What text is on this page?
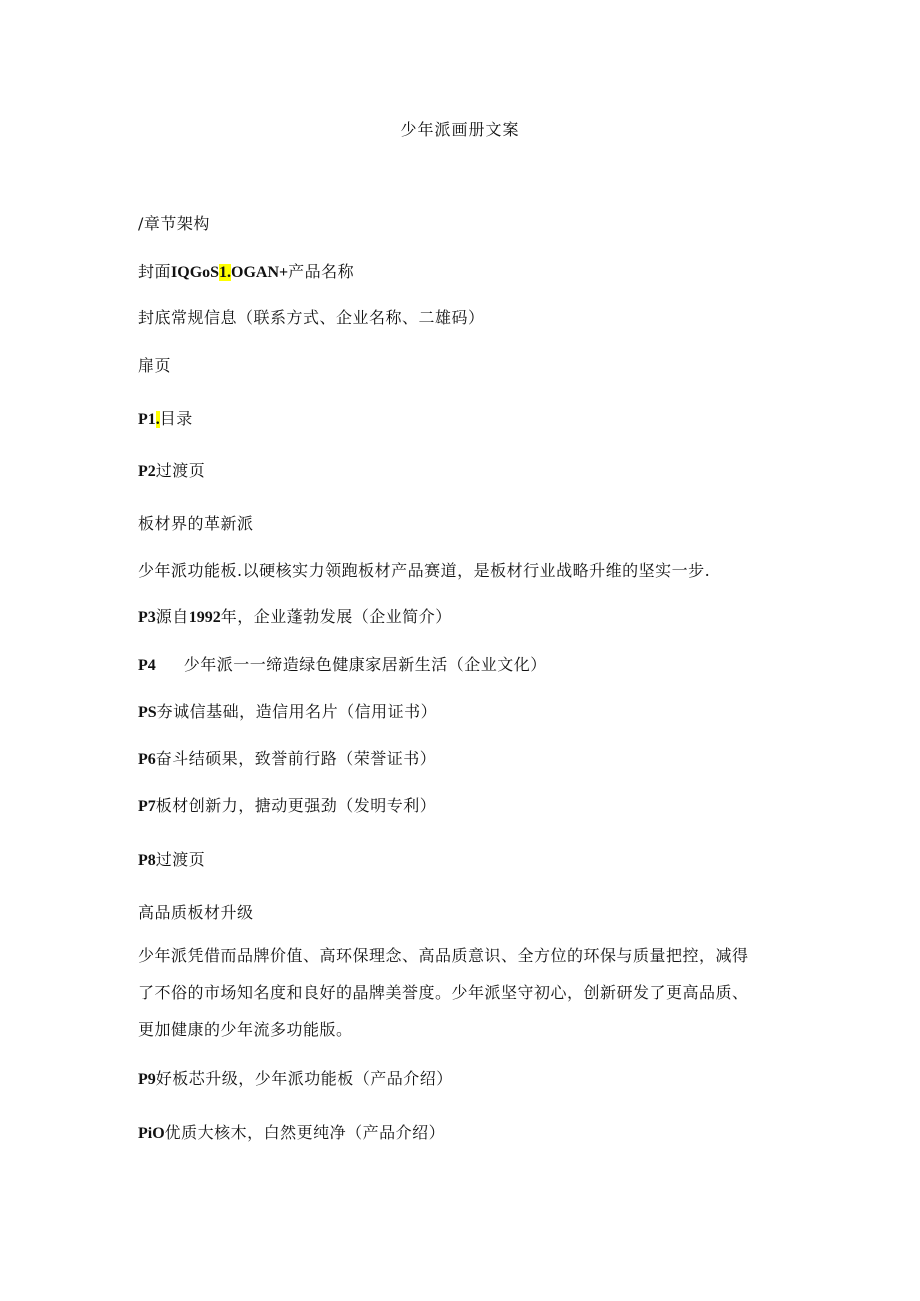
少年派画册文案
/章节架构
封面IQGoS1.OGAN+产品名称
封底常规信息（联系方式、企业名称、二雄码）
扉页
P1.目录
P2过渡页
板材界的革新派
少年派功能板.以硬核实力领跑板材产品赛道，是板材行业战略升维的坚实一步.
P3源自1992年，企业蓬勃发展（企业简介）
P4 少年派一一缔造绿色健康家居新生活（企业文化）
PS夯诚信基础，造信用名片（信用证书）
P6奋斗结硕果，致誉前行路（荣誉证书）
P7板材创新力，搪动更强劲（发明专利）
P8过渡页
高品质板材升级
少年派凭借而品牌价值、高环保理念、高品质意识、全方位的环保与质量把控，减得
了不俗的市场知名度和良好的晶牌美誉度。少年派坚守初心，创新研发了更高品质、
更加健康的少年流多功能版。
P9好板芯升级，少年派功能板（产品介绍）
PiO优质大核木，白然更纯净（产品介绍）
